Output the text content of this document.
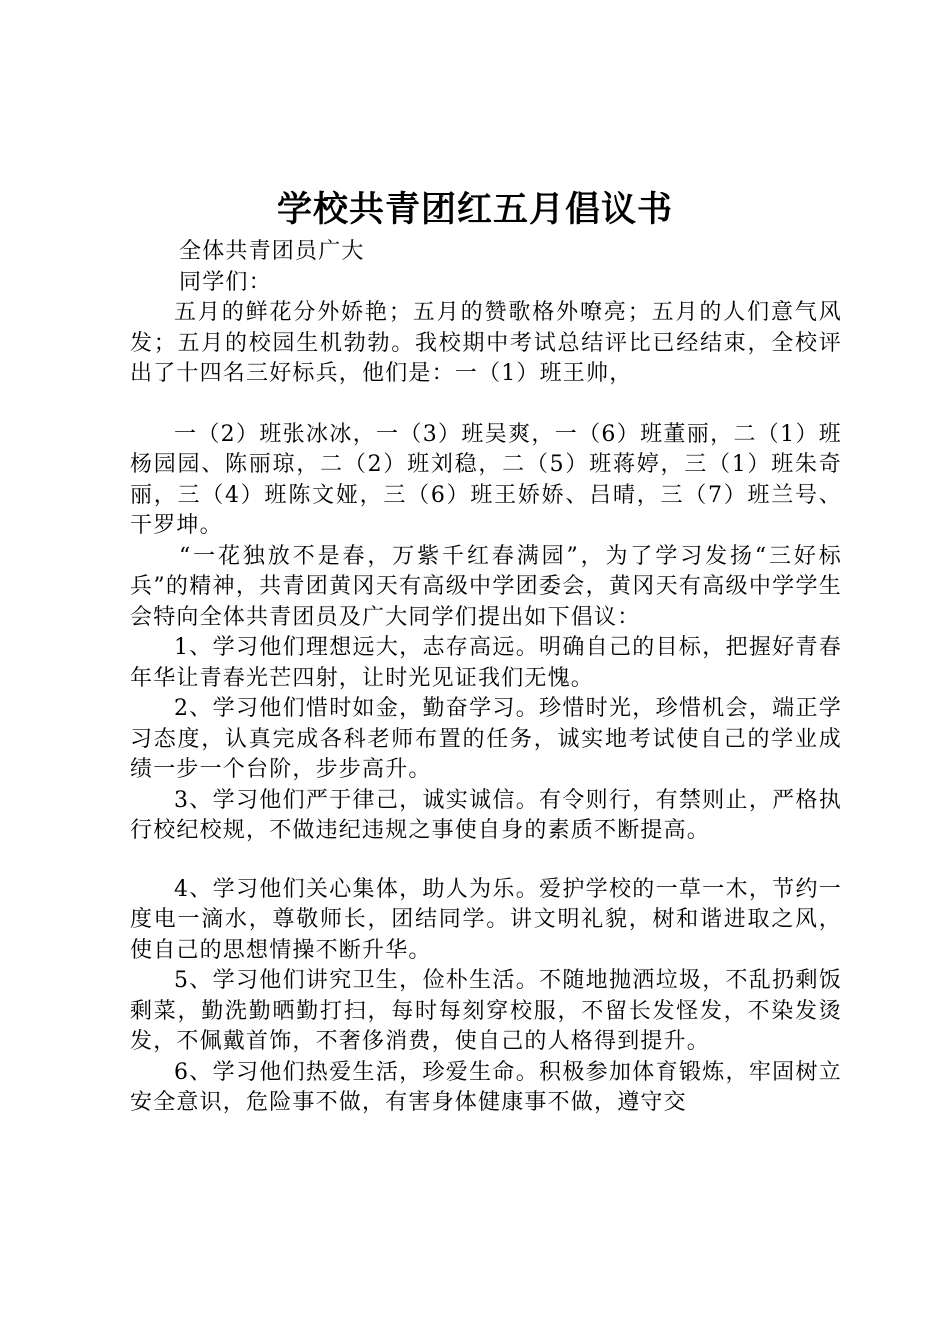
学校共青团红五月倡议书

全体共青团员广大

同学们：

五月的鲜花分外娇艳；五月的赞歌格外嘹亮；五月的人们意气风发；五月的校园生机勃勃。我校期中考试总结评比已经结束，全校评出了十四名三好标兵，他们是：一（1）班王帅，

一（2）班张冰冰，一（3）班吴爽，一（6）班董丽，二（1）班杨园园、陈丽琼，二（2）班刘稳，二（5）班蒋婷，三（1）班朱奇丽，三（4）班陈文娅，三（6）班王娇娇、吕晴，三（7）班兰号、干罗坤。

“一花独放不是春，万紫千红春满园”，为了学习发扬“三好标兵”的精神，共青团黄冈天有高级中学团委会，黄冈天有高级中学学生会特向全体共青团员及广大同学们提出如下倡议：

1、学习他们理想远大，志存高远。明确自己的目标，把握好青春年华让青春光芒四射，让时光见证我们无愧。

2、学习他们惜时如金，勤奋学习。珍惜时光，珍惜机会，端正学习态度，认真完成各科老师布置的任务，诚实地考试使自己的学业成绩一步一个台阶，步步高升。

3、学习他们严于律己，诚实诚信。有令则行，有禁则止，严格执行校纪校规，不做违纪违规之事使自身的素质不断提高。

4、学习他们关心集体，助人为乐。爱护学校的一草一木，节约一度电一滴水，尊敬师长，团结同学。讲文明礼貌，树和谐进取之风，使自己的思想情操不断升华。

5、学习他们讲究卫生，俭朴生活。不随地抛洒垃圾，不乱扔剩饭剩菜，勤洗勤晒勤打扫，每时每刻穿校服，不留长发怪发，不染发烫发，不佩戴首饰，不奢侈消费，使自己的人格得到提升。

6、学习他们热爱生活，珍爱生命。积极参加体育锻炼，牢固树立安全意识，危险事不做，有害身体健康事不做，遵守交
